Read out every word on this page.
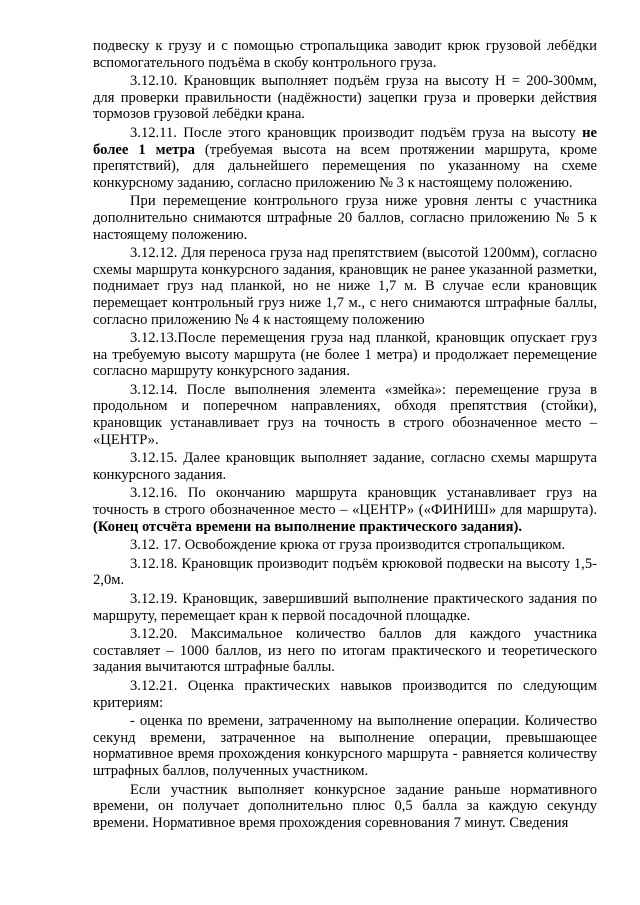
подвеску к грузу и с помощью стропальщика заводит крюк грузовой лебёдки вспомогательного подъёма в скобу контрольного груза.

3.12.10. Крановщик выполняет подъём груза на высоту Н = 200-300мм, для проверки правильности (надёжности) зацепки груза и проверки действия тормозов грузовой лебёдки крана.

3.12.11. После этого крановщик производит подъём груза на высоту не более 1 метра (требуемая высота на всем протяжении маршрута, кроме препятствий), для дальнейшего перемещения по указанному на схеме конкурсному заданию, согласно приложению № 3 к настоящему положению.

При перемещение контрольного груза ниже уровня ленты с участника дополнительно снимаются штрафные 20 баллов, согласно приложению № 5 к настоящему положению.

3.12.12. Для переноса груза над препятствием (высотой 1200мм), согласно схемы маршрута конкурсного задания, крановщик не ранее указанной разметки, поднимает груз над планкой, но не ниже 1,7 м. В случае если крановщик перемещает контрольный груз ниже 1,7 м., с него снимаются штрафные баллы, согласно приложению № 4 к настоящему положению

3.12.13.После перемещения груза над планкой, крановщик опускает груз на требуемую высоту маршрута (не более 1 метра) и продолжает перемещение согласно маршруту конкурсного задания.

3.12.14. После выполнения элемента «змейка»: перемещение груза в продольном и поперечном направлениях, обходя препятствия (стойки), крановщик устанавливает груз на точность в строго обозначенное место – «ЦЕНТР».

3.12.15. Далее крановщик выполняет задание, согласно схемы маршрута конкурсного задания.

3.12.16. По окончанию маршрута крановщик устанавливает груз на точность в строго обозначенное место – «ЦЕНТР» («ФИНИШ» для маршрута). (Конец отсчёта времени на выполнение практического задания).

3.12. 17. Освобождение крюка от груза производится стропальщиком.

3.12.18. Крановщик производит подъём крюковой подвески на высоту 1,5- 2,0м.

3.12.19. Крановщик, завершивший выполнение практического задания по маршруту, перемещает кран к первой посадочной площадке.

3.12.20. Максимальное количество баллов для каждого участника составляет – 1000 баллов, из него по итогам практического и теоретического задания вычитаются штрафные баллы.

3.12.21. Оценка практических навыков производится по следующим критериям:

- оценка по времени, затраченному на выполнение операции. Количество секунд времени, затраченное на выполнение операции, превышающее нормативное время прохождения конкурсного маршрута - равняется количеству штрафных баллов, полученных участником.

Если участник выполняет конкурсное задание раньше нормативного времени, он получает дополнительно плюс 0,5 балла за каждую секунду времени. Нормативное время прохождения соревнования 7 минут. Сведения
